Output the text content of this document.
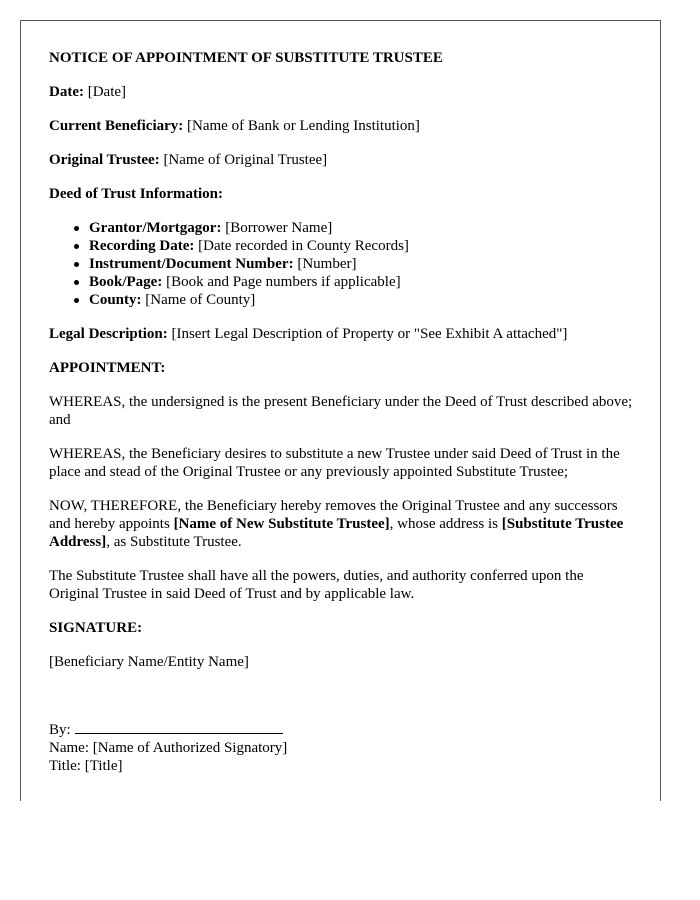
NOTICE OF APPOINTMENT OF SUBSTITUTE TRUSTEE
Date: [Date]
Current Beneficiary: [Name of Bank or Lending Institution]
Original Trustee: [Name of Original Trustee]
Deed of Trust Information:
Grantor/Mortgagor: [Borrower Name]
Recording Date: [Date recorded in County Records]
Instrument/Document Number: [Number]
Book/Page: [Book and Page numbers if applicable]
County: [Name of County]
Legal Description: [Insert Legal Description of Property or "See Exhibit A attached"]
APPOINTMENT:
WHEREAS, the undersigned is the present Beneficiary under the Deed of Trust described above; and
WHEREAS, the Beneficiary desires to substitute a new Trustee under said Deed of Trust in the place and stead of the Original Trustee or any previously appointed Substitute Trustee;
NOW, THEREFORE, the Beneficiary hereby removes the Original Trustee and any successors and hereby appoints [Name of New Substitute Trustee], whose address is [Substitute Trustee Address], as Substitute Trustee.
The Substitute Trustee shall have all the powers, duties, and authority conferred upon the Original Trustee in said Deed of Trust and by applicable law.
SIGNATURE:
[Beneficiary Name/Entity Name]
By:
Name: [Name of Authorized Signatory]
Title: [Title]
